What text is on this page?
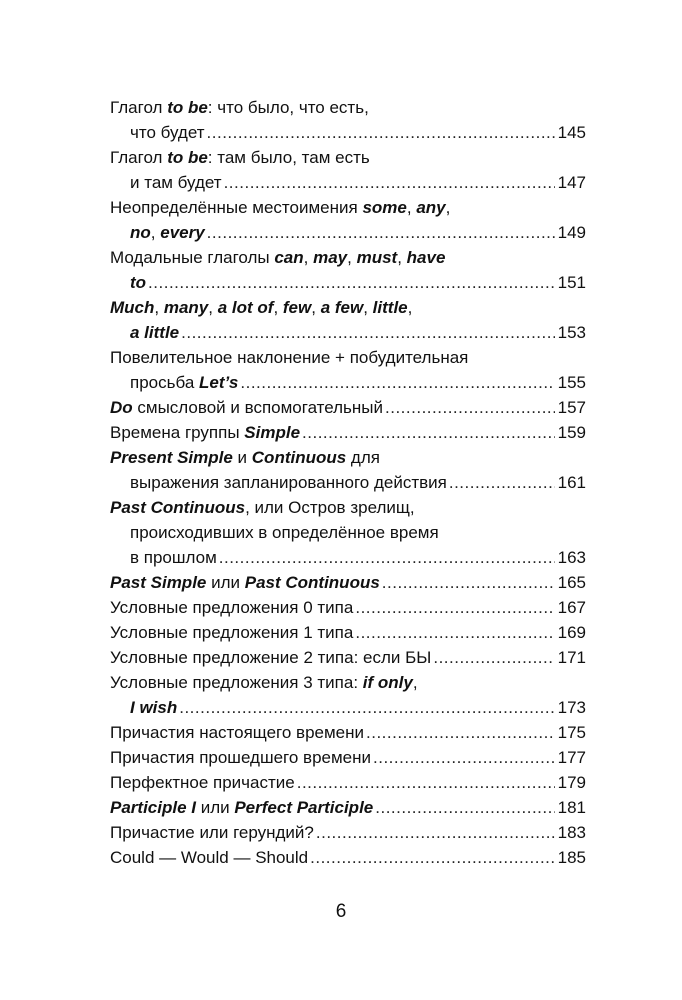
Глагол to be : что было, что есть,
что будет .....	145
Глагол to be : там было, там есть
и там будет .....	147
Неопределённые местоимения some , any ,
no , every .....	149
Модальные глаголы can , may , must , have
to .....	151
Much , many , a lot of , few , a few , little ,
a little .....	153
Повелительное наклонение + побудительная
просьба Let’s .....	155
Do смысловой и вспомогательный .....	157
Времена группы Simple .....	159
Present Simple и Continuous для
выражения запланированного действия .....	161
Past Continuous , или Остров зрелищ,
происходивших в определённое время
в прошлом .....	163
Past Simple или Past Continuous .....	165
Условные предложения 0 типа .....	167
Условные предложения 1 типа .....	169
Условные предложение 2 типа: если БЫ .....	171
Условные предложения 3 типа: if only ,
I wish .....	173
Причастия настоящего времени .....	175
Причастия прошедшего времени .....	177
Перфектное причастие .....	179
Participle I или Perfect Participle .....	181
Причастие или герундий? .....	183
Could — Would — Should .....	185
6
